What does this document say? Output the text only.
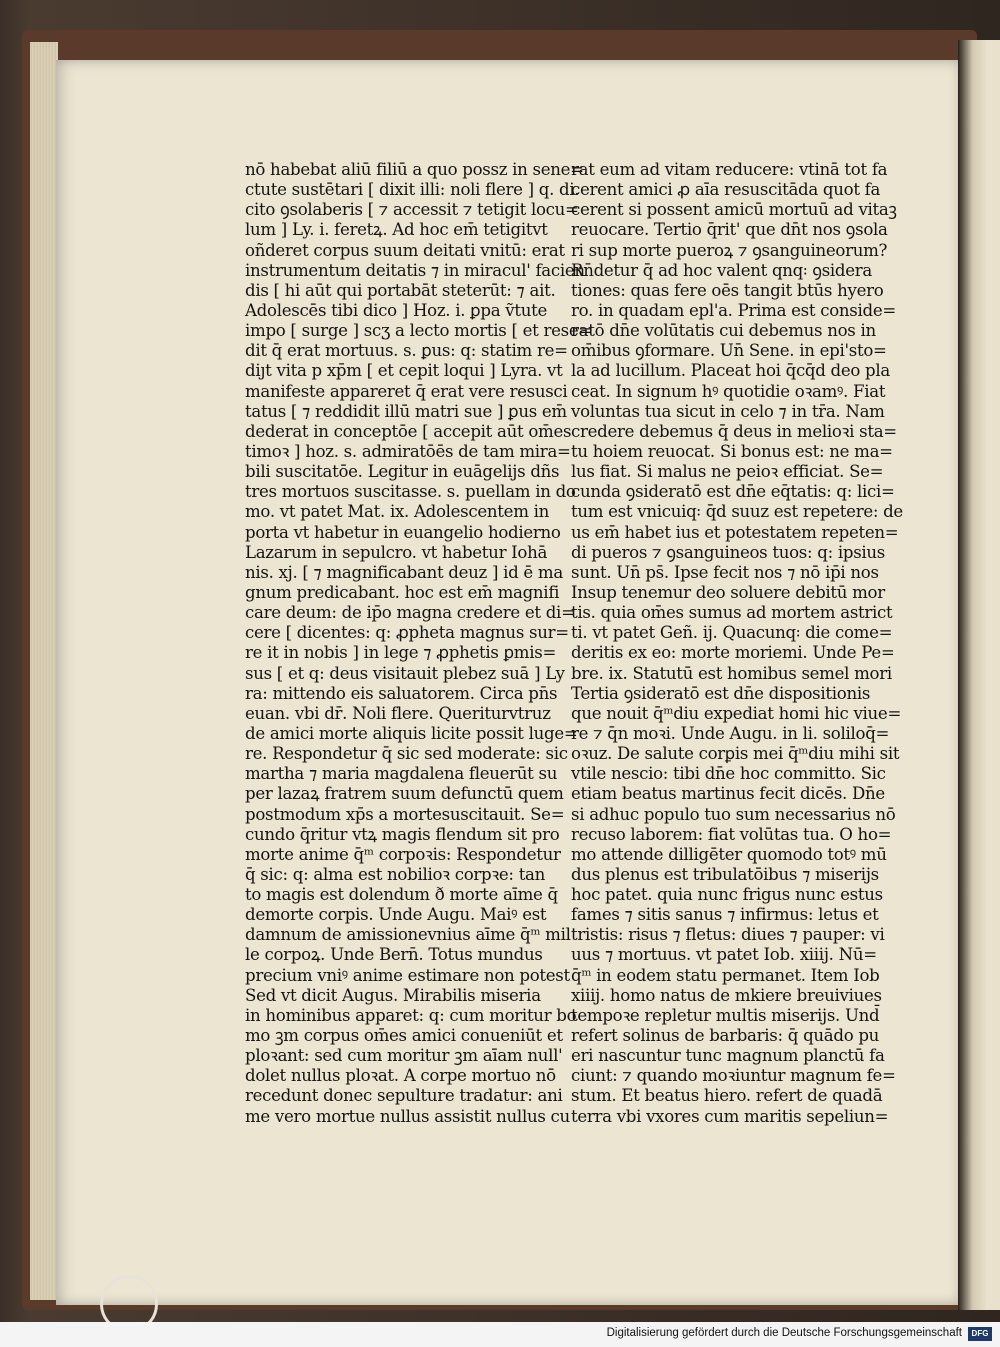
nō habebat aliū filiū a quo possz in sene=
ctute sustētari [ dixit illi: noli flere ] q. di.
cito ꝯsolaberis [ ⁊ accessit ⁊ tetigit locu=
lum ] Ly. i. feretꝝ. Ad hoc em̄ tetigitvt
oñderet corpus suum deitati vnitū: erat
instrumentum deitatis ⁊ in miracul' facien
dis [ hi aūt qui portabāt steterūt: ⁊ ait.
Adolescēs tibi dico ] Hoz. i. ꝑpa ṽtute
impo [ surge ] scʒ a lecto mortis [ et rese=
dit q̄ erat mortuus. s. ꝑus: q: statim re=
diȷt vita p xp̄m [ et cepit loqui ] Lyra. vt
manifeste appareret q̄ erat vere resusci
tatus [ ⁊ reddidit illū matri sue ] ꝑus em̄
dederat in conceptōe [ accepit aūt om̄es
timoꝛ ] hoz. s. admiratōēs de tam mira=
bili suscitatōe. Legitur in euāgelijs dñs
tres mortuos suscitasse. s. puellam in do
mo. vt patet Mat. ix. Adolescentem in
porta vt habetur in euangelio hodierno
Lazarum in sepulcro. vt habetur Iohā
nis. xj. [ ⁊ magnificabant deuz ] id ē ma
gnum predicabant. hoc est em̄ magnifi
care deum: de ip̄o magna credere et di=
cere [ dicentes: q: ꝓpheta magnus sur=
re it in nobis ] in lege ⁊ ꝓphetis ꝑmis=
sus [ et q: deus visitauit plebez suā ] Ly
ra: mittendo eis saluatorem. Circa pn̄s
euan. vbi dr̄. Noli flere. Queriturvtruz
de amici morte aliquis licite possit luge=
re. Respondetur q̄ sic sed moderate: sic
martha ⁊ maria magdalena fleuerūt su
per lazaꝝ fratrem suum defunctū quem
postmodum xp̄s a mortesuscitauit. Se=
cundo q̄ritur vtꝝ magis flendum sit pro
morte anime q̄ᵐ corpoꝛis: Respondetur
q̄ sic: q: alma est nobilioꝛ corpꝛe: tan
to magis est dolendum ð morte aīme q̄
demorte corpis. Unde Augu. Maiꝰ est
damnum de amissionevnius aīme q̄ᵐ mil
le corpoꝝ. Unde Bern̄. Totus mundus
precium vniꝰ anime estimare non potest
Sed vt dicit Augus. Mirabilis miseria
in hominibus apparet: q: cum moritur bo
mo ꝫm corpus om̄es amici conueniūt et
ploꝛant: sed cum moritur ꝫm aīam null'
dolet nullus ploꝛat. A corpe mortuo nō
recedunt donec sepulture tradatur: ani
me vero mortue nullus assistit nullus cu
rat eum ad vitam reducere: vtinā tot fa
cerent amici ꝓ aīa resuscitāda quot fa
cerent si possent amicū mortuū ad vitaꝫ
reuocare. Tertio q̄rit' que dn̄t nos ꝯsola
ri sup morte pueroꝝ ⁊ ꝯsanguineorum?
Rn̄detur q̄ ad hoc valent qnq꞉ ꝯsidera
tiones: quas fere oēs tangit btūs hyero
ro. in quadam epl'a. Prima est conside=
ratō dn̄e volūtatis cui debemus nos in
om̄ibus ꝯformare. Un̄ Sene. in epi'sto=
la ad lucillum. Placeat hoi q̄cq̄d deo pla
ceat. In signum hꝰ quotidie oꝛamꝰ. Fiat
voluntas tua sicut in celo ⁊ in tr̄a. Nam
credere debemus q̄ deus in melioꝛi sta=
tu hoiem reuocat. Si bonus est: ne ma=
lus fiat. Si malus ne peioꝛ efficiat. Se=
cunda ꝯsideratō est dn̄e eq̄tatis: q: lici=
tum est vnicuiq꞉ q̄d suuz est repetere: de
us em̄ habet ius et potestatem repeten=
di pueros ⁊ ꝯsanguineos tuos: q: ipsius
sunt. Un̄ ps̄. Ipse fecit nos ⁊ nō ip̄i nos
Insup tenemur deo soluere debitū mor
tis. quia om̄es sumus ad mortem astrict
ti. vt patet Geñ. ij. Quacunq꞉ die come=
deritis ex eo: morte moriemi. Unde Pe=
bre. ix. Statutū est homibus semel mori
Tertia ꝯsideratō est dn̄e dispositionis
que nouit q̄ᵐdiu expediat homi hic viue=
re ⁊ q̄n moꝛi. Unde Augu. in li. soliloq̄=
oꝛuz. De salute corꝑis mei q̄ᵐdiu mihi sit
vtile nescio: tibi dn̄e hoc committo. Sic
etiam beatus martinus fecit dicēs. Dn̄e
si adhuc populo tuo sum necessarius nō
recuso laborem: fiat volūtas tua. O ho=
mo attende dilligēter quomodo totꝰ mū
dus plenus est tribulatōibus ⁊ miserijs
hoc patet. quia nunc frigus nunc estus
fames ⁊ sitis sanus ⁊ infirmus: letus et
tristis: risus ⁊ fletus: diues ⁊ pauper: vi
uus ⁊ mortuus. vt patet Iob. xiiij. Nū=
q̄ᵐ in eodem statu permanet. Item Iob
xiiij. homo natus de mkiere breuiviues
tempoꝛe repletur multis miserijs. Und̄
refert solinus de barbaris: q̄ quādo pu
eri nascuntur tunc magnum planctū fa
ciunt: ⁊ quando moꝛiuntur magnum fe=
stum. Et beatus hiero. refert de quadā
terra vbi vxores cum maritis sepeliun=
Digitalisierung gefördert durch die Deutsche Forschungsgemeinschaft	DFG
